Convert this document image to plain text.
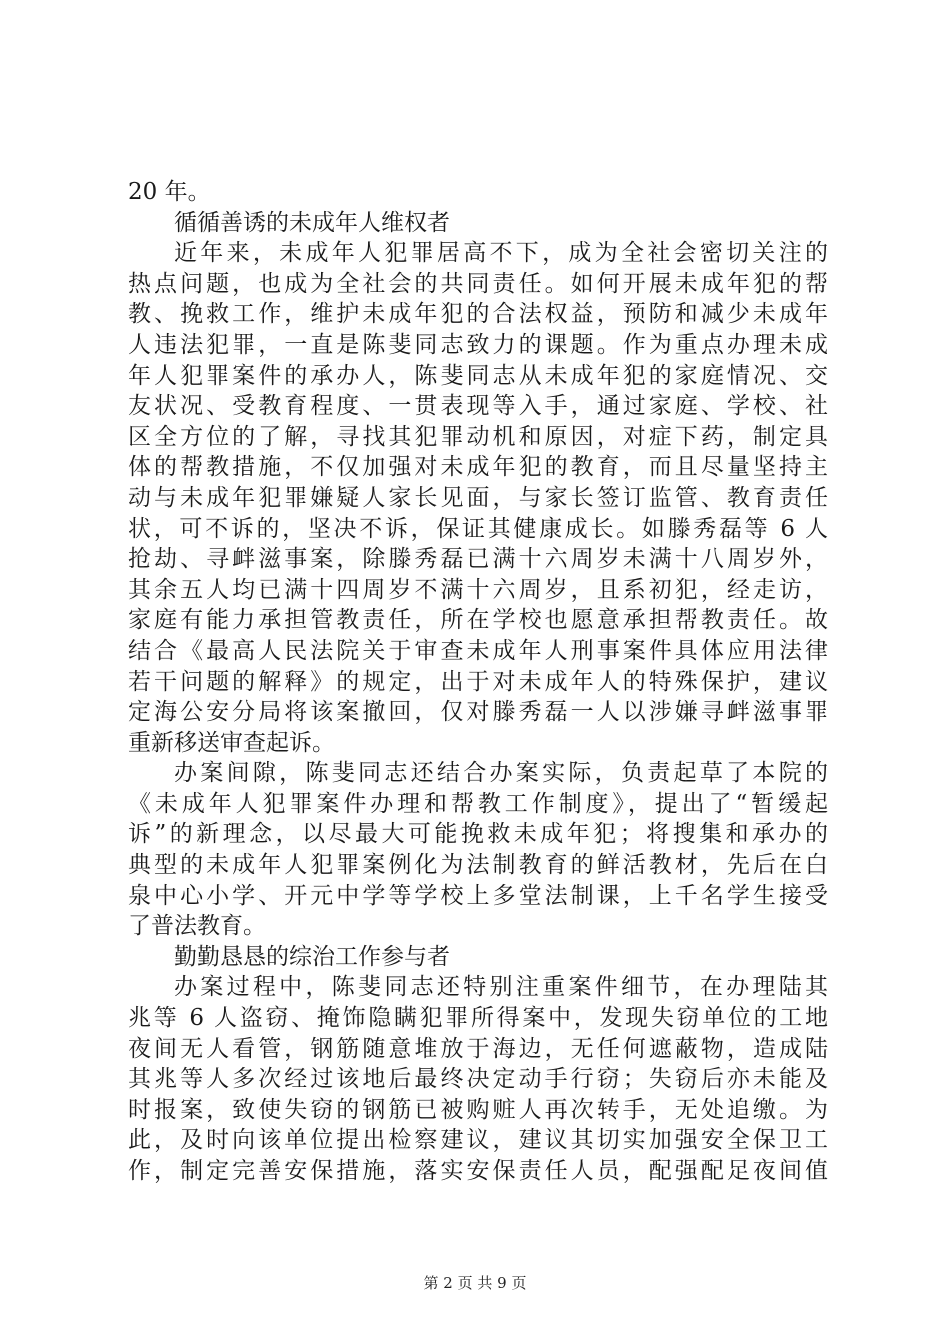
20 年。
循循善诱的未成年人维权者
近年来，未成年人犯罪居高不下，成为全社会密切关注的
热点问题，也成为全社会的共同责任。如何开展未成年犯的帮
教、挽救工作，维护未成年犯的合法权益，预防和减少未成年
人违法犯罪，一直是陈斐同志致力的课题。作为重点办理未成
年人犯罪案件的承办人，陈斐同志从未成年犯的家庭情况、交
友状况、受教育程度、一贯表现等入手，通过家庭、学校、社
区全方位的了解，寻找其犯罪动机和原因，对症下药，制定具
体的帮教措施，不仅加强对未成年犯的教育，而且尽量坚持主
动与未成年犯罪嫌疑人家长见面，与家长签订监管、教育责任
状，可不诉的，坚决不诉，保证其健康成长。如滕秀磊等 6 人
抢劫、寻衅滋事案，除滕秀磊已满十六周岁未满十八周岁外，
其余五人均已满十四周岁不满十六周岁，且系初犯，经走访，
家庭有能力承担管教责任，所在学校也愿意承担帮教责任。故
结合《最高人民法院关于审查未成年人刑事案件具体应用法律
若干问题的解释》的规定，出于对未成年人的特殊保护，建议
定海公安分局将该案撤回，仅对滕秀磊一人以涉嫌寻衅滋事罪
重新移送审查起诉。
办案间隙，陈斐同志还结合办案实际，负责起草了本院的
《未成年人犯罪案件办理和帮教工作制度》，提出了“暂缓起
诉”的新理念，以尽最大可能挽救未成年犯；将搜集和承办的
典型的未成年人犯罪案例化为法制教育的鲜活教材，先后在白
泉中心小学、开元中学等学校上多堂法制课，上千名学生接受
了普法教育。
勤勤恳恳的综治工作参与者
办案过程中，陈斐同志还特别注重案件细节，在办理陆其
兆等 6 人盗窃、掩饰隐瞒犯罪所得案中，发现失窃单位的工地
夜间无人看管，钢筋随意堆放于海边，无任何遮蔽物，造成陆
其兆等人多次经过该地后最终决定动手行窃；失窃后亦未能及
时报案，致使失窃的钢筋已被购赃人再次转手，无处追缴。为
此，及时向该单位提出检察建议，建议其切实加强安全保卫工
作，制定完善安保措施，落实安保责任人员，配强配足夜间值
第 2 页 共 9 页
